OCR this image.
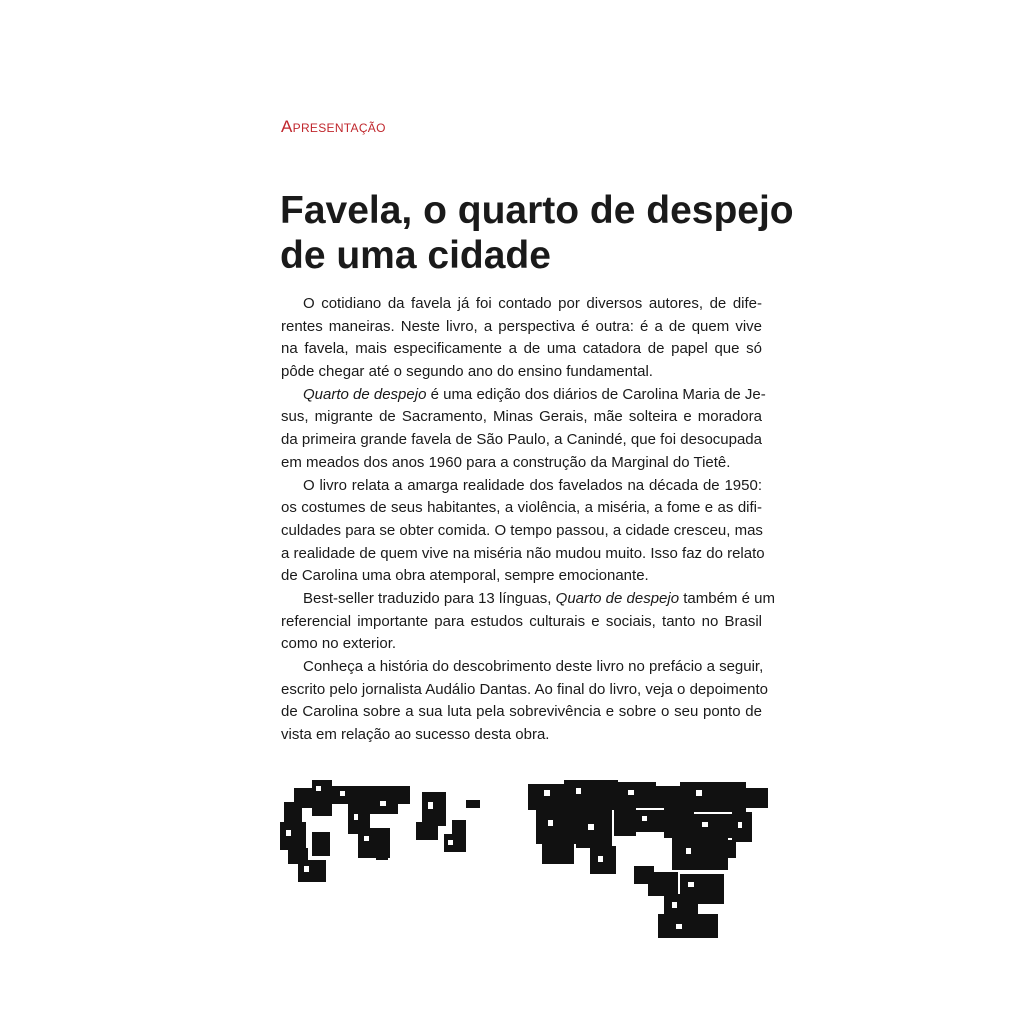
Apresentação
Favela, o quarto de despejo
de uma cidade
O cotidiano da favela já foi contado por diversos autores, de dife-
rentes maneiras. Neste livro, a perspectiva é outra: é a de quem vive
na favela, mais especificamente a de uma catadora de papel que só
pôde chegar até o segundo ano do ensino fundamental.
Quarto de despejo é uma edição dos diários de Carolina Maria de Je-
sus, migrante de Sacramento, Minas Gerais, mãe solteira e moradora
da primeira grande favela de São Paulo, a Canindé, que foi desocupada
em meados dos anos 1960 para a construção da Marginal do Tietê.
O livro relata a amarga realidade dos favelados na década de 1950:
os costumes de seus habitantes, a violência, a miséria, a fome e as difi-
culdades para se obter comida. O tempo passou, a cidade cresceu, mas
a realidade de quem vive na miséria não mudou muito. Isso faz do relato
de Carolina uma obra atemporal, sempre emocionante.
Best-seller traduzido para 13 línguas, Quarto de despejo também é um
referencial importante para estudos culturais e sociais, tanto no Brasil
como no exterior.
Conheça a história do descobrimento deste livro no prefácio a seguir,
escrito pelo jornalista Audálio Dantas. Ao final do livro, veja o depoimento
de Carolina sobre a sua luta pela sobrevivência e sobre o seu ponto de
vista em relação ao sucesso desta obra.
